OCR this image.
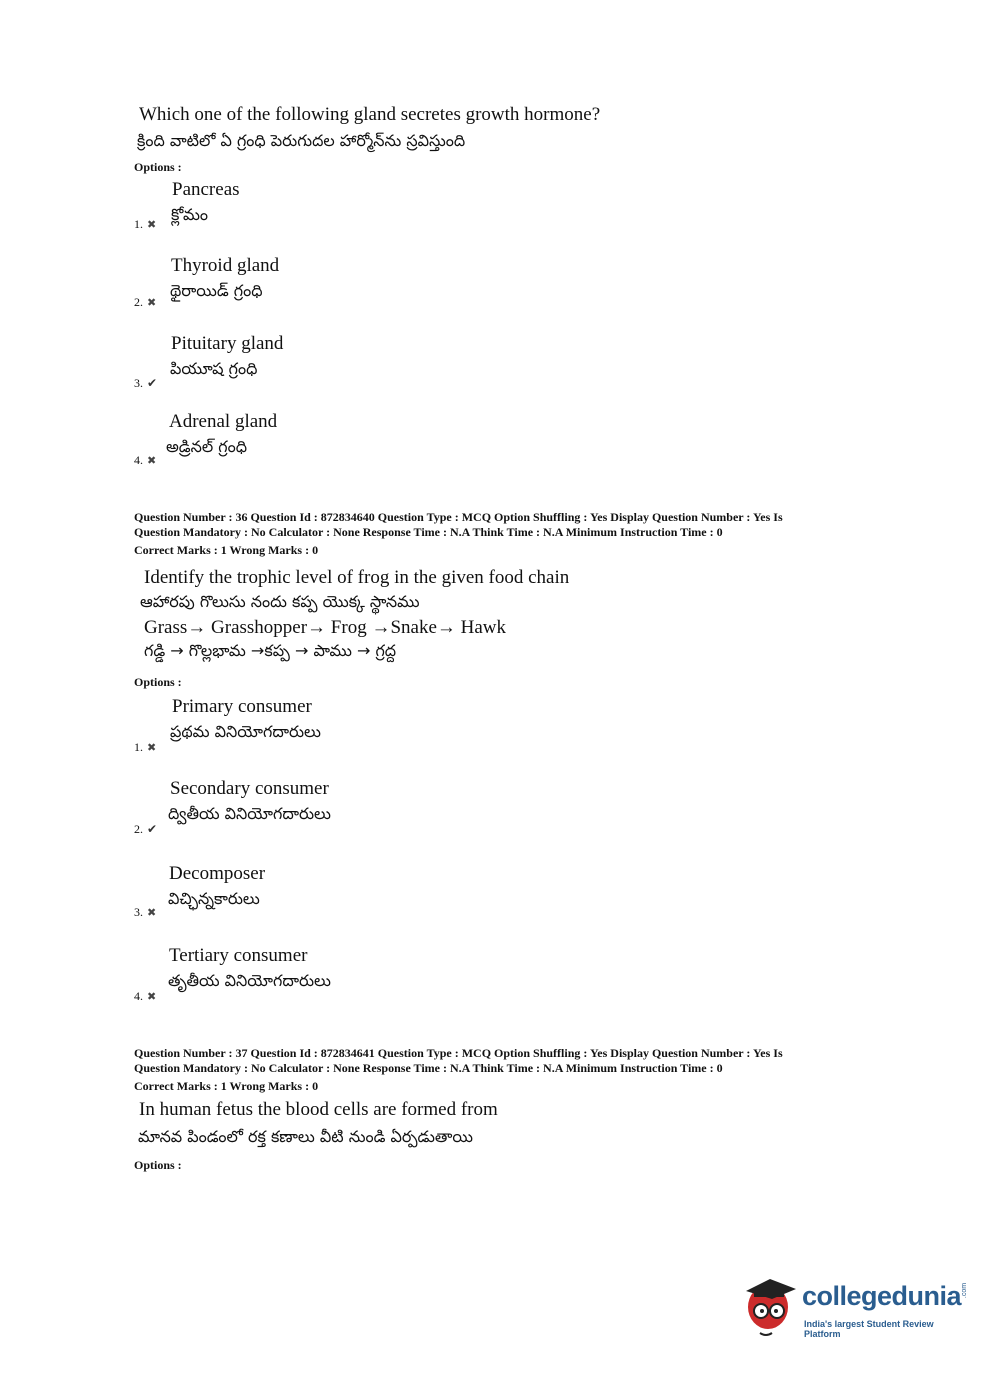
Which one of the following gland secretes growth hormone?
క్రింది వాటిలో ఏ గ్రంధి పెరుగుదల హార్మోన్‌ను స్రవిస్తుంది
Options :
Pancreas
క్లోమం
1. ✖
Thyroid gland
థైరాయిడ్ గ్రంధి
2. ✖
Pituitary gland
పియూష గ్రంధి
3. ✔
Adrenal gland
అడ్రినల్ గ్రంధి
4. ✖
Question Number : 36 Question Id : 872834640 Question Type : MCQ Option Shuffling : Yes Display Question Number : Yes Is
Question Mandatory : No Calculator : None Response Time : N.A Think Time : N.A Minimum Instruction Time : 0
Correct Marks : 1 Wrong Marks : 0
Identify the trophic level of frog in the given food chain
ఆహారపు గొలుసు నందు కప్ప యొక్క స్థానము
Grass→ Grasshopper→ Frog →Snake→ Hawk
గడ్డి → గొల్లభామ →కప్ప → పాము → గ్రద్ద
Options :
Primary consumer
ప్రథమ వినియోగదారులు
1. ✖
Secondary consumer
ద్వితీయ వినియోగదారులు
2. ✔
Decomposer
విచ్ఛిన్నకారులు
3. ✖
Tertiary consumer
తృతీయ వినియోగదారులు
4. ✖
Question Number : 37 Question Id : 872834641 Question Type : MCQ Option Shuffling : Yes Display Question Number : Yes Is
Question Mandatory : No Calculator : None Response Time : N.A Think Time : N.A Minimum Instruction Time : 0
Correct Marks : 1 Wrong Marks : 0
In human fetus the blood cells are formed from
మానవ పిండంలో రక్త కణాలు వీటి నుండి ఏర్పడుతాయి
Options :
collegedunia .com
India's largest Student Review Platform
